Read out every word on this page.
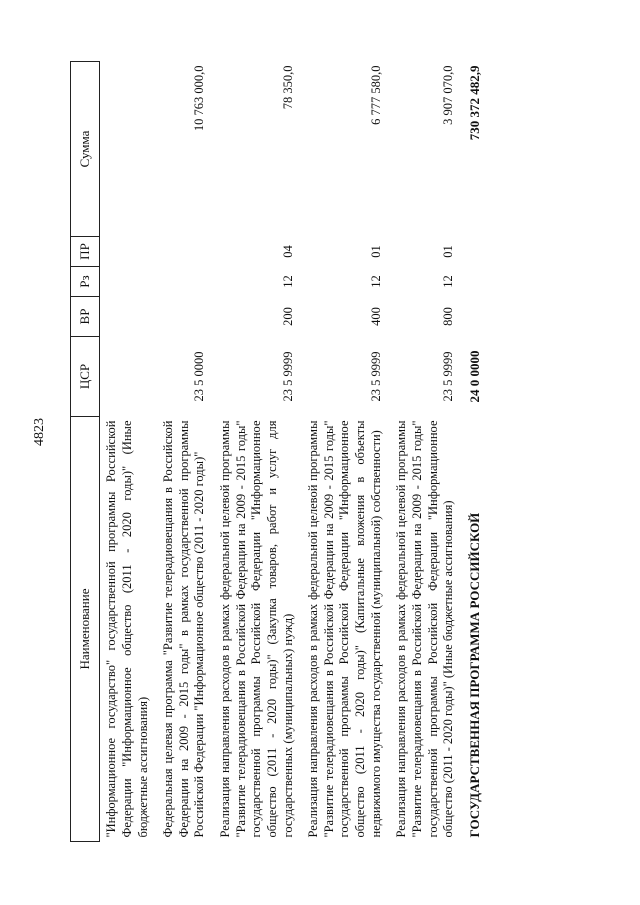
4823
Наименование	ЦСР	ВР	Рз	ПР	Сумма
"Информационное государство" государственной программы Российской Федерации "Информационное общество (2011 - 2020 годы)" (Иные бюджетные ассигнования)					
Федеральная целевая программа "Развитие телерадиовещания в Российской Федерации на 2009 - 2015 годы" в рамках государственной программы Российской Федерации "Информационное общество (2011 - 2020 годы)"	23 5 0000				10 763 000,0
Реализация направления расходов в рамках федеральной целевой программы "Развитие телерадиовещания в Российской Федерации на 2009 - 2015 годы" государственной программы Российской Федерации "Информационное общество (2011 - 2020 годы)" (Закупка товаров, работ и услуг для государственных (муниципальных) нужд)	23 5 9999	200	12	04	78 350,0
Реализация направления расходов в рамках федеральной целевой программы "Развитие телерадиовещания в Российской Федерации на 2009 - 2015 годы" государственной программы Российской Федерации "Информационное общество (2011 - 2020 годы)" (Капитальные вложения в объекты недвижимого имущества государственной (муниципальной) собственности)	23 5 9999	400	12	01	6 777 580,0
Реализация направления расходов в рамках федеральной целевой программы "Развитие телерадиовещания в Российской Федерации на 2009 - 2015 годы" государственной программы Российской Федерации "Информационное общество (2011 - 2020 годы)" (Иные бюджетные ассигнования)	23 5 9999	800	12	01	3 907 070,0
ГОСУДАРСТВЕННАЯ ПРОГРАММА РОССИЙСКОЙ	24 0 0000				730 372 482,9
